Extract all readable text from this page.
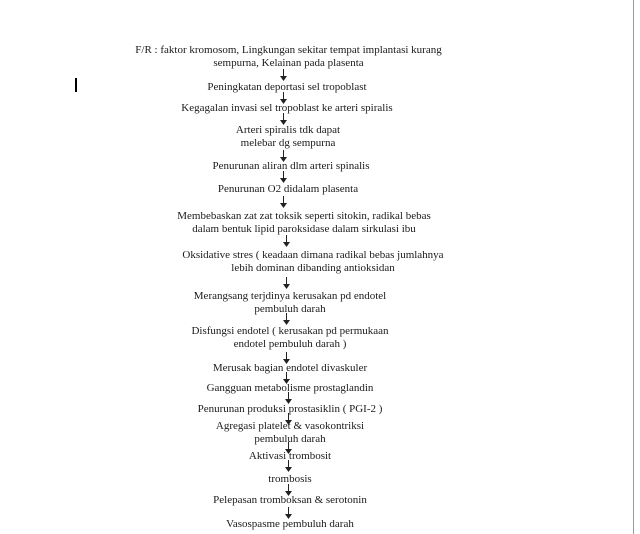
F/R : faktor kromosom, Lingkungan sekitar tempat implantasi kurang
sempurna, Kelainan pada plasenta
Peningkatan deportasi sel tropoblast
Kegagalan invasi sel tropoblast ke arteri spiralis
Arteri spiralis tdk dapat
melebar dg sempurna
Penurunan aliran dlm arteri spinalis
Penurunan O2 didalam plasenta
Membebaskan zat zat toksik seperti sitokin, radikal bebas
dalam bentuk lipid paroksidase dalam sirkulasi ibu
Oksidative stres ( keadaan dimana radikal bebas jumlahnya
lebih dominan dibanding antioksidan
Merangsang terjdinya kerusakan pd endotel
pembuluh darah
Disfungsi endotel ( kerusakan pd permukaan
endotel pembuluh darah )
Merusak bagian endotel divaskuler
Gangguan metabolisme prostaglandin
Penurunan produksi prostasiklin ( PGI-2 )
Agregasi platelet & vasokontriksi
pembuluh darah
Aktivasi trombosit
trombosis
Pelepasan tromboksan & serotonin
Vasospasme pembuluh darah
